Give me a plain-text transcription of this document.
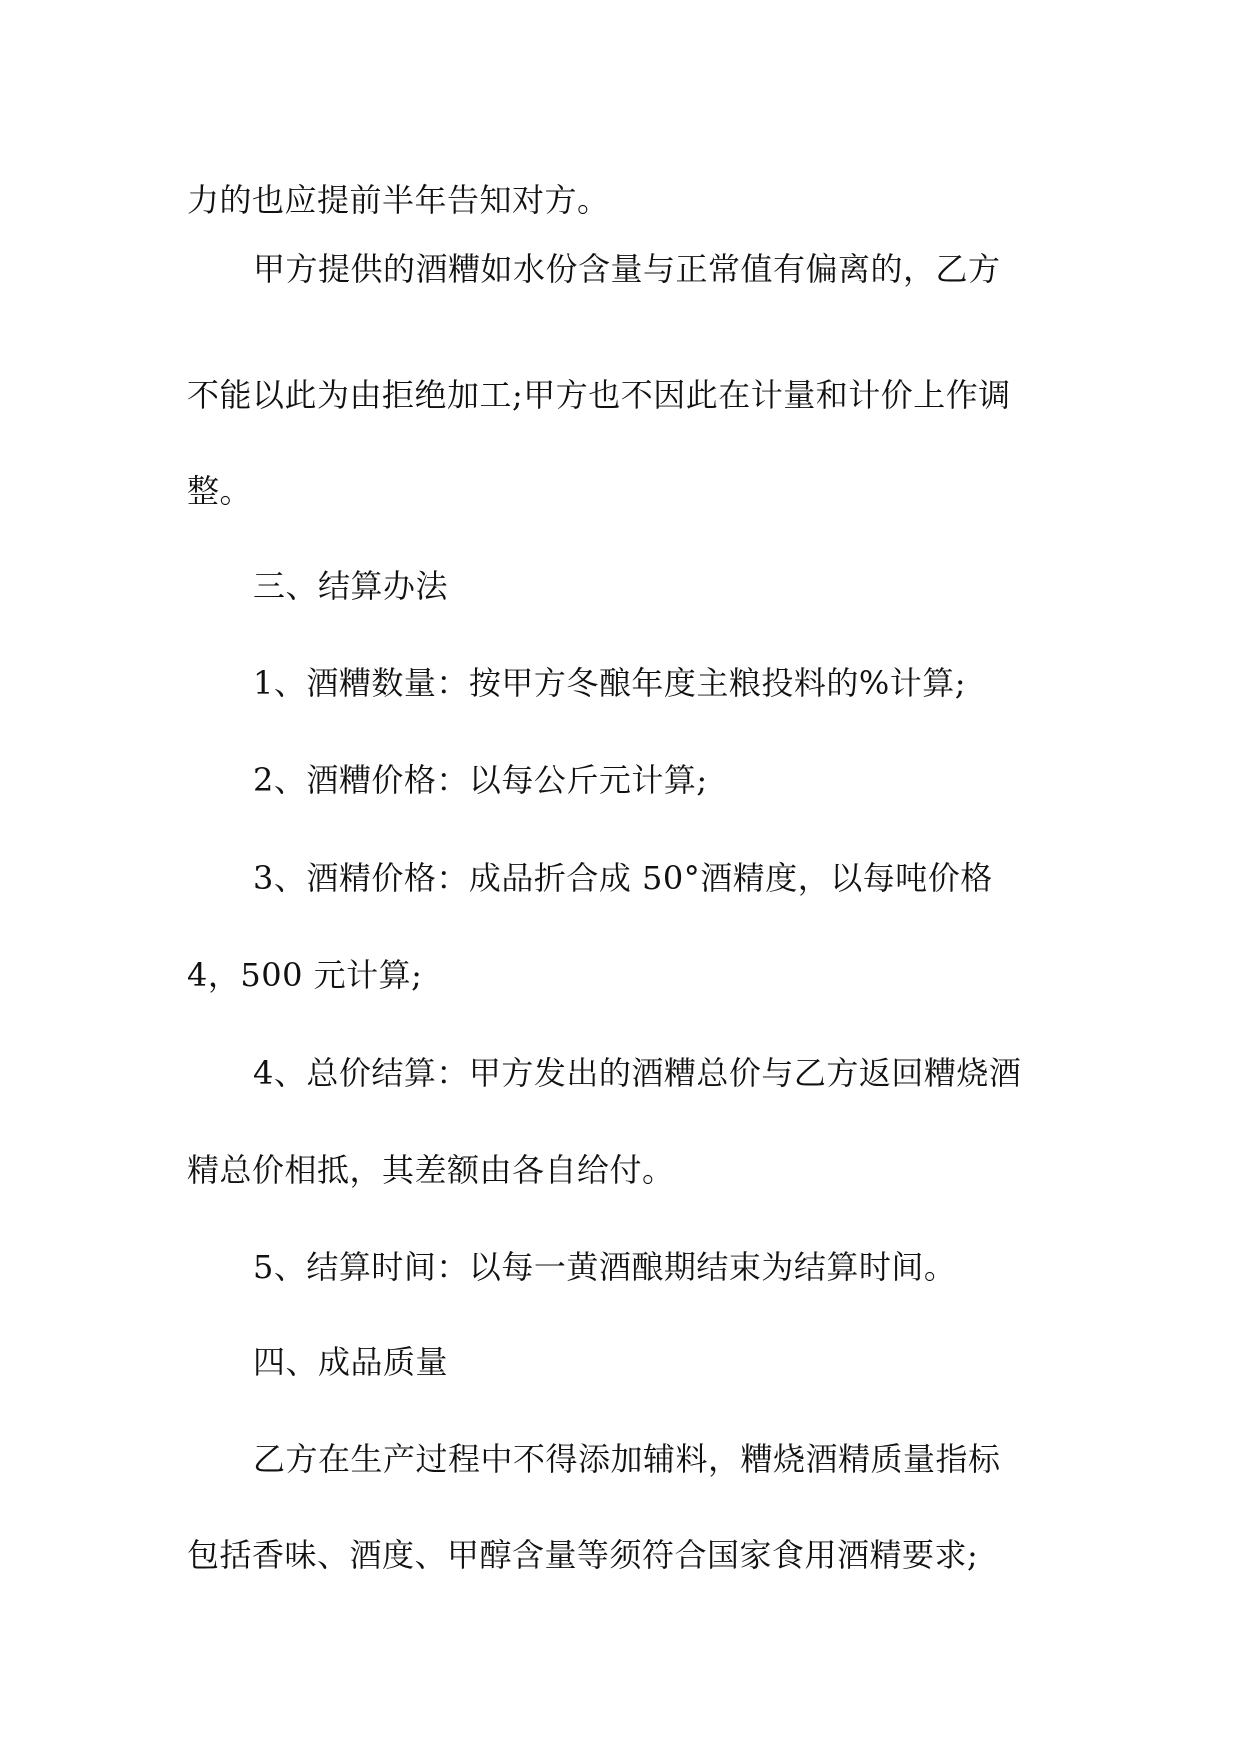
力的也应提前半年告知对方。
甲方提供的酒糟如水份含量与正常值有偏离的，乙方
不能以此为由拒绝加工;甲方也不因此在计量和计价上作调
整。
三、结算办法
1、酒糟数量：按甲方冬酿年度主粮投料的%计算;
2、酒糟价格：以每公斤元计算;
3、酒精价格：成品折合成 50°酒精度，以每吨价格
4，500 元计算;
4、总价结算：甲方发出的酒糟总价与乙方返回糟烧酒
精总价相抵，其差额由各自给付。
5、结算时间：以每一黄酒酿期结束为结算时间。
四、成品质量
乙方在生产过程中不得添加辅料，糟烧酒精质量指标
包括香味、酒度、甲醇含量等须符合国家食用酒精要求;
